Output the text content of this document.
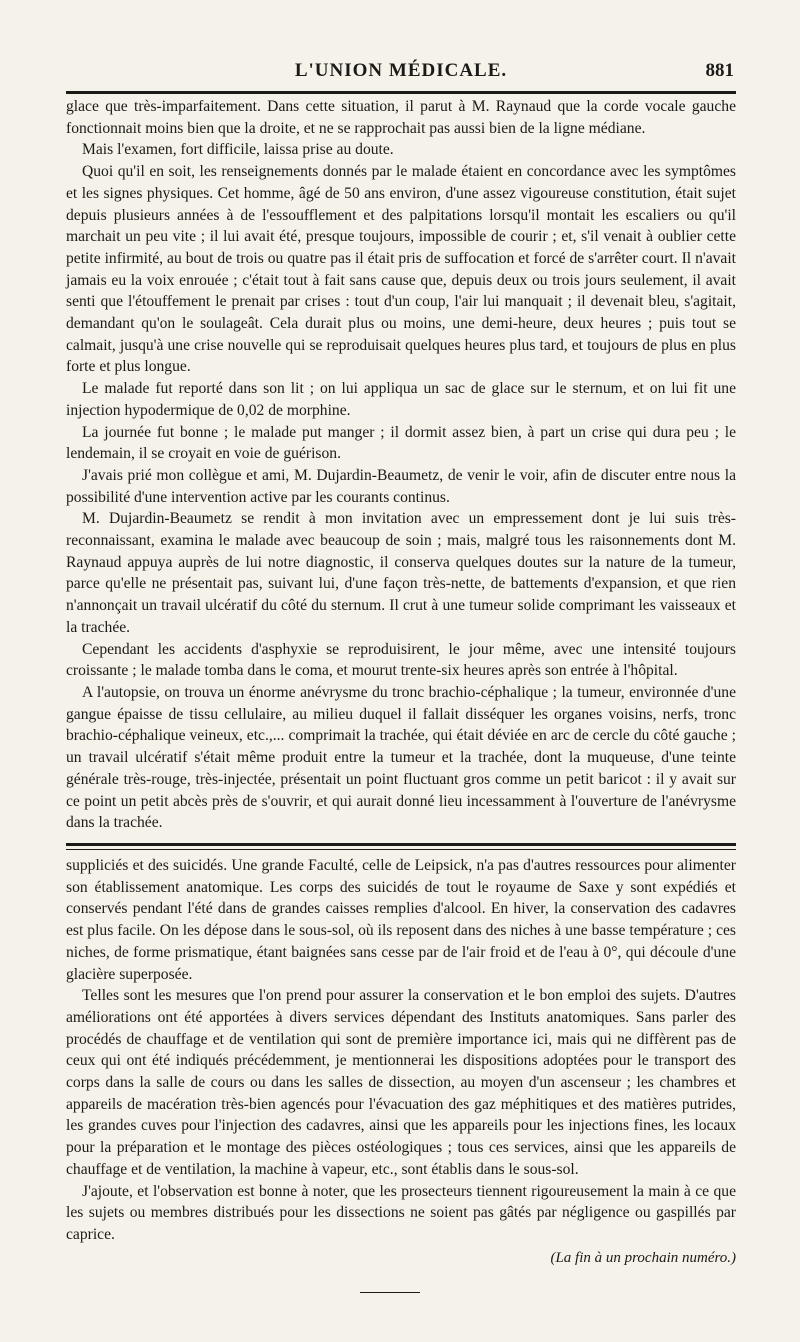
L'UNION MÉDICALE.	881

glace que très-imparfaitement. Dans cette situation, il parut à M. Raynaud que la corde vocale gauche fonctionnait moins bien que la droite, et ne se rapprochait pas aussi bien de la ligne médiane.

Mais l'examen, fort difficile, laissa prise au doute.

Quoi qu'il en soit, les renseignements donnés par le malade étaient en concordance avec les symptômes et les signes physiques. Cet homme, âgé de 50 ans environ, d'une assez vigoureuse constitution, était sujet depuis plusieurs années à de l'essoufflement et des palpitations lorsqu'il montait les escaliers ou qu'il marchait un peu vite ; il lui avait été, presque toujours, impossible de courir ; et, s'il venait à oublier cette petite infirmité, au bout de trois ou quatre pas il était pris de suffocation et forcé de s'arrêter court. Il n'avait jamais eu la voix enrouée ; c'était tout à fait sans cause que, depuis deux ou trois jours seulement, il avait senti que l'étouffement le prenait par crises : tout d'un coup, l'air lui manquait ; il devenait bleu, s'agitait, demandant qu'on le soulageât. Cela durait plus ou moins, une demi-heure, deux heures ; puis tout se calmait, jusqu'à une crise nouvelle qui se reproduisait quelques heures plus tard, et toujours de plus en plus forte et plus longue.

Le malade fut reporté dans son lit ; on lui appliqua un sac de glace sur le sternum, et on lui fit une injection hypodermique de 0,02 de morphine.

La journée fut bonne ; le malade put manger ; il dormit assez bien, à part un crise qui dura peu ; le lendemain, il se croyait en voie de guérison.

J'avais prié mon collègue et ami, M. Dujardin-Beaumetz, de venir le voir, afin de discuter entre nous la possibilité d'une intervention active par les courants continus.

M. Dujardin-Beaumetz se rendit à mon invitation avec un empressement dont je lui suis très-reconnaissant, examina le malade avec beaucoup de soin ; mais, malgré tous les raisonnements dont M. Raynaud appuya auprès de lui notre diagnostic, il conserva quelques doutes sur la nature de la tumeur, parce qu'elle ne présentait pas, suivant lui, d'une façon très-nette, de battements d'expansion, et que rien n'annonçait un travail ulcératif du côté du sternum. Il crut à une tumeur solide comprimant les vaisseaux et la trachée.

Cependant les accidents d'asphyxie se reproduisirent, le jour même, avec une intensité toujours croissante ; le malade tomba dans le coma, et mourut trente-six heures après son entrée à l'hôpital.

A l'autopsie, on trouva un énorme anévrysme du tronc brachio-céphalique ; la tumeur, environnée d'une gangue épaisse de tissu cellulaire, au milieu duquel il fallait disséquer les organes voisins, nerfs, tronc brachio-céphalique veineux, etc.,... comprimait la trachée, qui était déviée en arc de cercle du côté gauche ; un travail ulcératif s'était même produit entre la tumeur et la trachée, dont la muqueuse, d'une teinte générale très-rouge, très-injectée, présentait un point fluctuant gros comme un petit baricot : il y avait sur ce point un petit abcès près de s'ouvrir, et qui aurait donné lieu incessamment à l'ouverture de l'anévrysme dans la trachée.

suppliciés et des suicidés. Une grande Faculté, celle de Leipsick, n'a pas d'autres ressources pour alimenter son établissement anatomique. Les corps des suicidés de tout le royaume de Saxe y sont expédiés et conservés pendant l'été dans de grandes caisses remplies d'alcool. En hiver, la conservation des cadavres est plus facile. On les dépose dans le sous-sol, où ils reposent dans des niches à une basse température ; ces niches, de forme prismatique, étant baignées sans cesse par de l'air froid et de l'eau à 0°, qui découle d'une glacière superposée.

Telles sont les mesures que l'on prend pour assurer la conservation et le bon emploi des sujets. D'autres améliorations ont été apportées à divers services dépendant des Instituts anatomiques. Sans parler des procédés de chauffage et de ventilation qui sont de première importance ici, mais qui ne diffèrent pas de ceux qui ont été indiqués précédemment, je mentionnerai les dispositions adoptées pour le transport des corps dans la salle de cours ou dans les salles de dissection, au moyen d'un ascenseur ; les chambres et appareils de macération très-bien agencés pour l'évacuation des gaz méphitiques et des matières putrides, les grandes cuves pour l'injection des cadavres, ainsi que les appareils pour les injections fines, les locaux pour la préparation et le montage des pièces ostéologiques ; tous ces services, ainsi que les appareils de chauffage et de ventilation, la machine à vapeur, etc., sont établis dans le sous-sol.

J'ajoute, et l'observation est bonne à noter, que les prosecteurs tiennent rigoureusement la main à ce que les sujets ou membres distribués pour les dissections ne soient pas gâtés par négligence ou gaspillés par caprice.

(La fin à un prochain numéro.)
